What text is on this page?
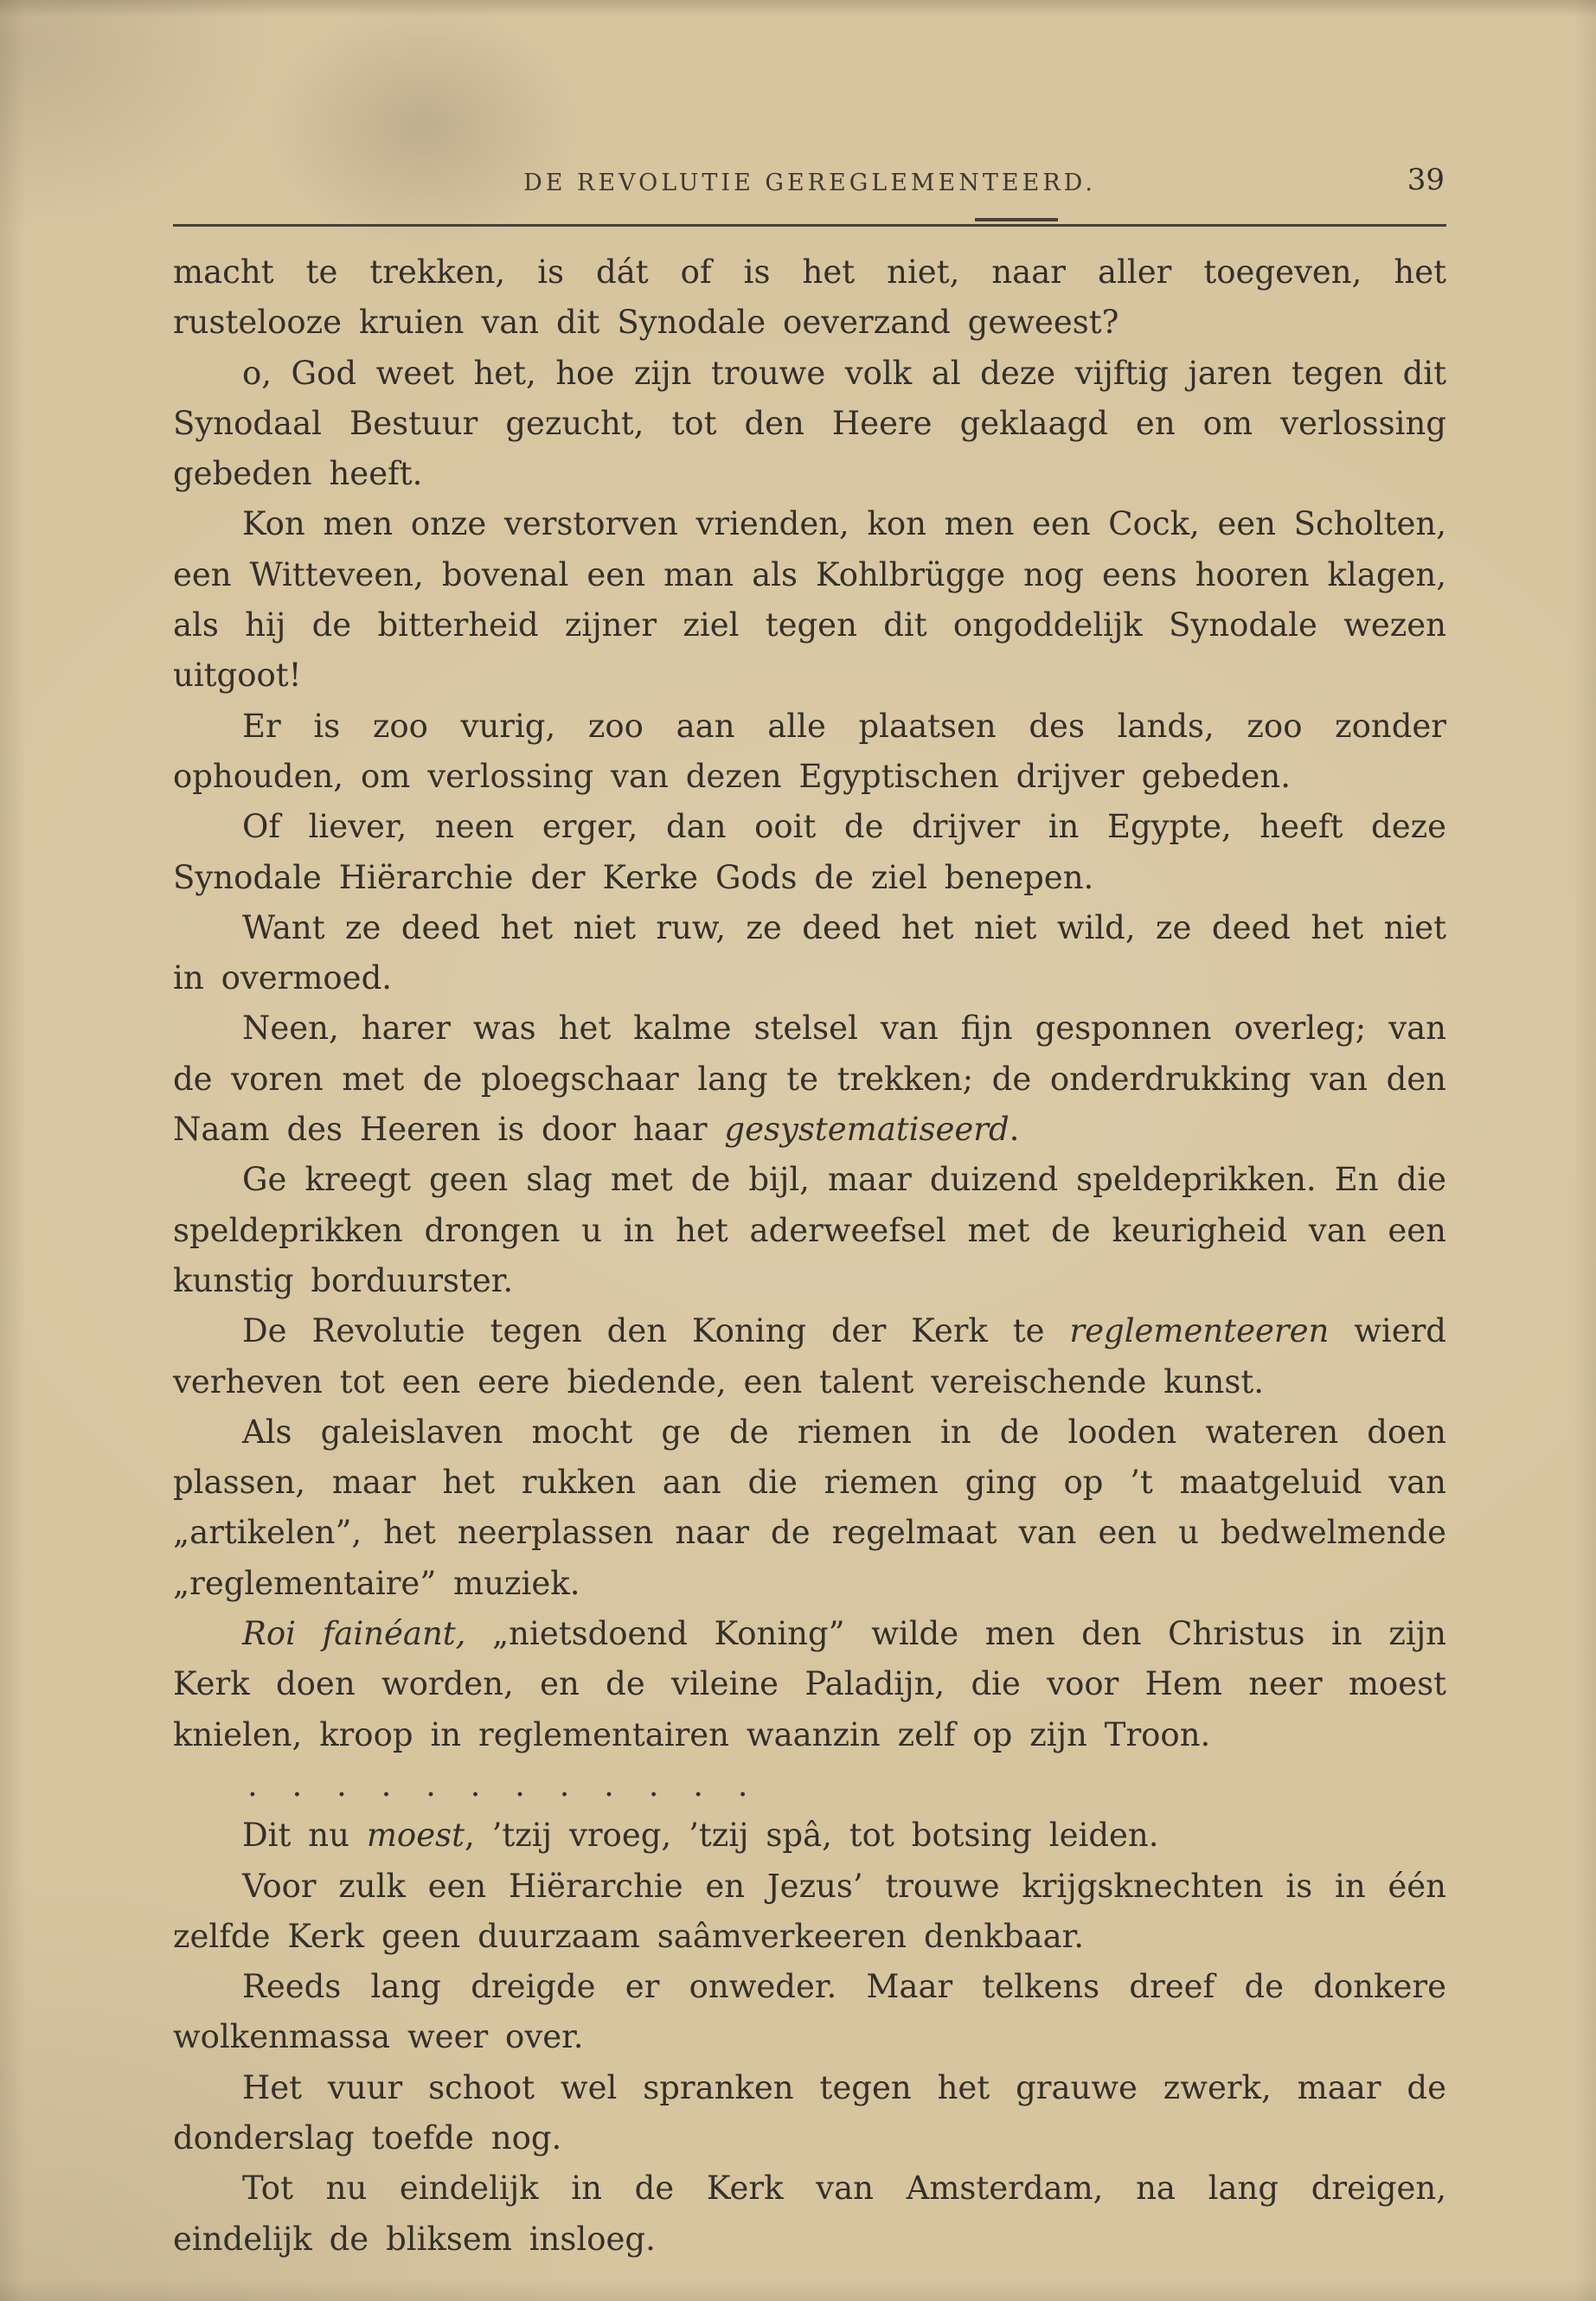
DE REVOLUTIE GEREGLEMENTEERD.	39

macht te trekken, is dát of is het niet, naar aller toegeven, het rustelooze kruien van dit Synodale oeverzand geweest?

o, God weet het, hoe zijn trouwe volk al deze vijftig jaren tegen dit Synodaal Bestuur gezucht, tot den Heere geklaagd en om verlossing gebeden heeft.

Kon men onze verstorven vrienden, kon men een Cock, een Scholten, een Witteveen, bovenal een man als Kohlbrügge nog eens hooren klagen, als hij de bitterheid zijner ziel tegen dit ongoddelijk Synodale wezen uitgoot!

Er is zoo vurig, zoo aan alle plaatsen des lands, zoo zonder ophouden, om verlossing van dezen Egyptischen drijver gebeden.

Of liever, neen erger, dan ooit de drijver in Egypte, heeft deze Synodale Hiërarchie der Kerke Gods de ziel benepen.

Want ze deed het niet ruw, ze deed het niet wild, ze deed het niet in overmoed.

Neen, harer was het kalme stelsel van fijn gesponnen overleg; van de voren met de ploegschaar lang te trekken; de onderdrukking van den Naam des Heeren is door haar gesystematiseerd.

Ge kreegt geen slag met de bijl, maar duizend speldeprikken. En die speldeprikken drongen u in het aderweefsel met de keurigheid van een kunstig borduurster.

De Revolutie tegen den Koning der Kerk te reglementeeren wierd verheven tot een eere biedende, een talent vereischende kunst.

Als galeislaven mocht ge de riemen in de looden wateren doen plassen, maar het rukken aan die riemen ging op ’t maatgeluid van „artikelen”, het neerplassen naar de regelmaat van een u bedwelmende „reglementaire” muziek.

Roi fainéant, „nietsdoend Koning” wilde men den Christus in zijn Kerk doen worden, en de vileine Paladijn, die voor Hem neer moest knielen, kroop in reglementairen waanzin zelf op zijn Troon.

. . . . . . . . . . . .

Dit nu moest, ’tzij vroeg, ’tzij spâ, tot botsing leiden.

Voor zulk een Hiërarchie en Jezus’ trouwe krijgsknechten is in één zelfde Kerk geen duurzaam saâmverkeeren denkbaar.

Reeds lang dreigde er onweder. Maar telkens dreef de donkere wolkenmassa weer over.

Het vuur schoot wel spranken tegen het grauwe zwerk, maar de donderslag toefde nog.

Tot nu eindelijk in de Kerk van Amsterdam, na lang dreigen, eindelijk de bliksem insloeg.
